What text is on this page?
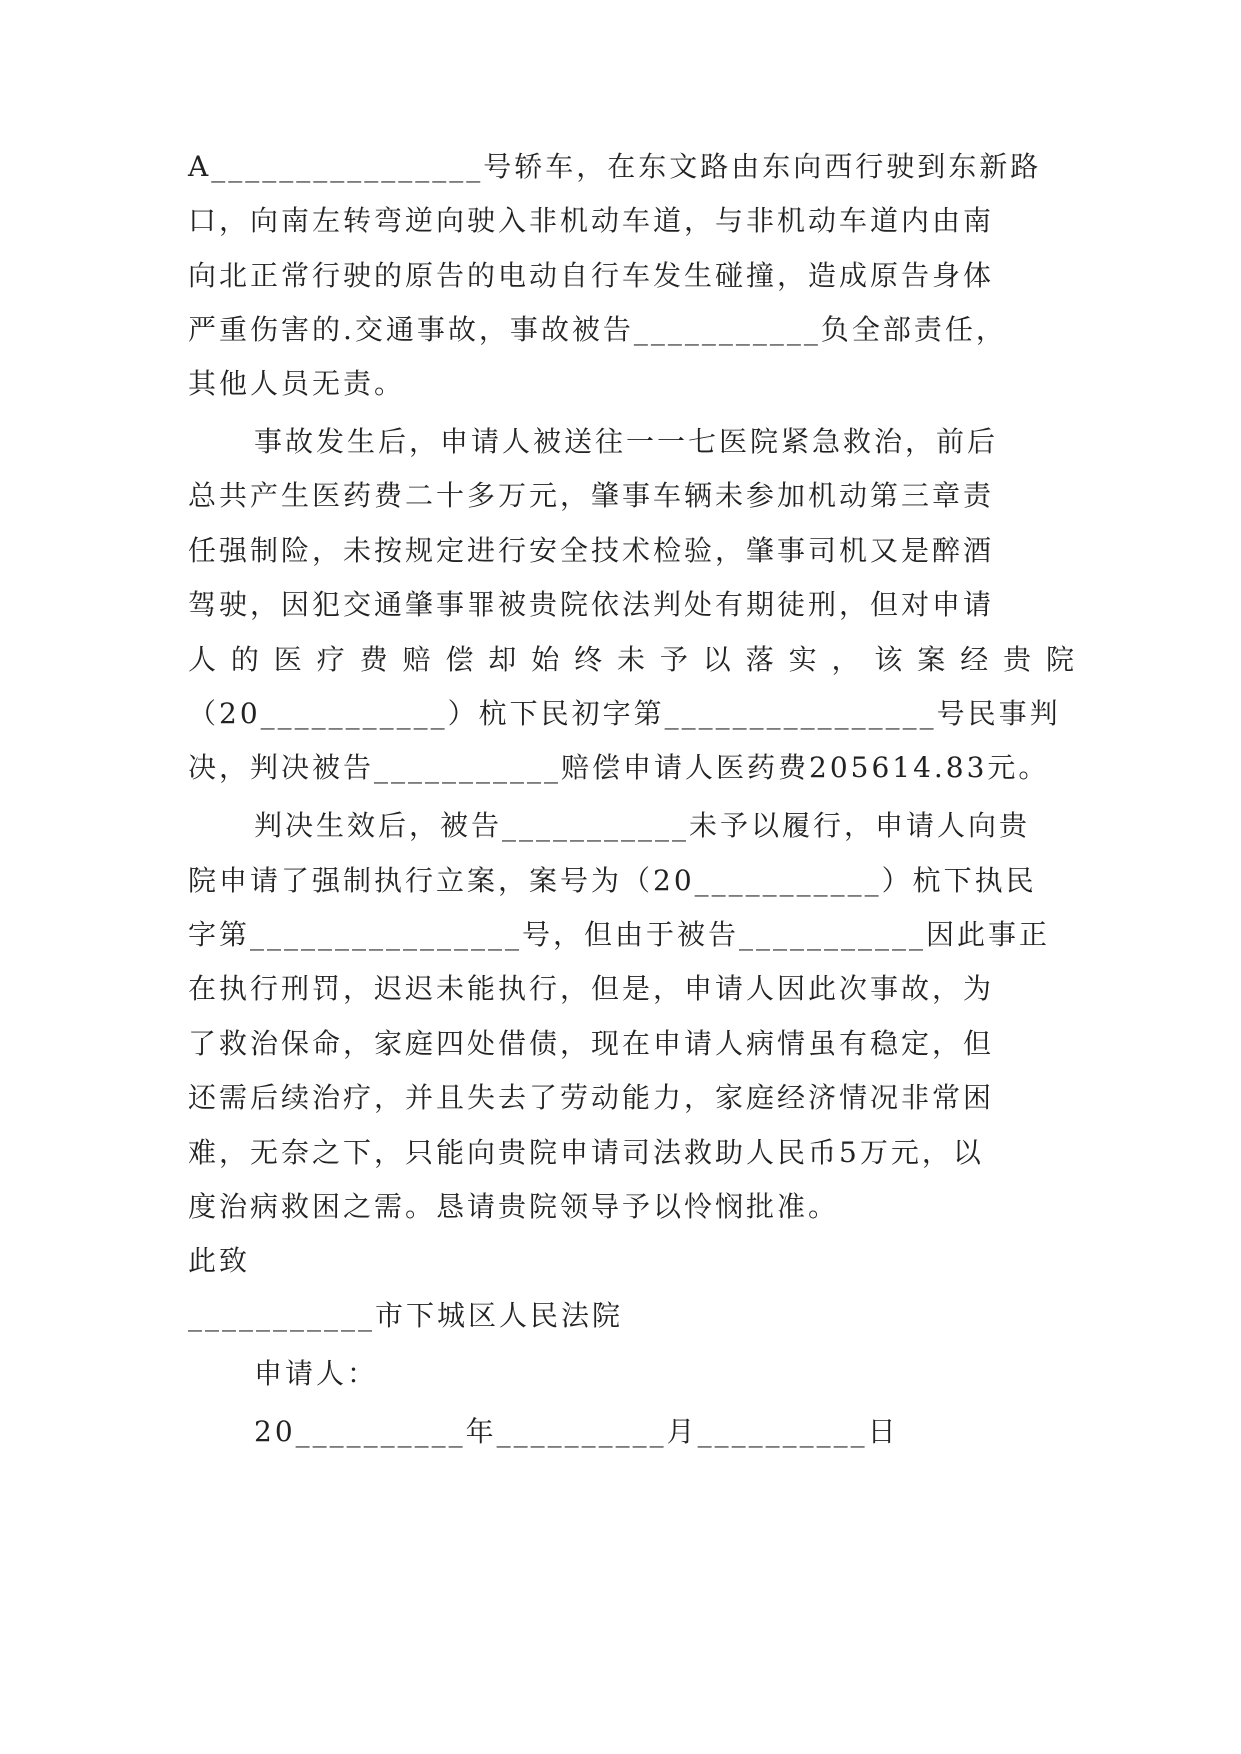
A________________号轿车，在东文路由东向西行驶到东新路
口，向南左转弯逆向驶入非机动车道，与非机动车道内由南
向北正常行驶的原告的电动自行车发生碰撞，造成原告身体
严重伤害的.交通事故，事故被告___________负全部责任，
其他人员无责。
事故发生后，申请人被送往一一七医院紧急救治，前后
总共产生医药费二十多万元，肇事车辆未参加机动第三章责
任强制险，未按规定进行安全技术检验，肇事司机又是醉酒
驾驶，因犯交通肇事罪被贵院依法判处有期徒刑，但对申请
人 的 医 疗 费 赔 偿 却 始 终 未 予 以 落 实 ， 该 案 经 贵 院
（20___________）杭下民初字第________________号民事判
决，判决被告___________赔偿申请人医药费205614.83元。
判决生效后，被告___________未予以履行，申请人向贵
院申请了强制执行立案，案号为（20___________）杭下执民
字第________________号，但由于被告___________因此事正
在执行刑罚，迟迟未能执行，但是，申请人因此次事故，为
了救治保命，家庭四处借债，现在申请人病情虽有稳定，但
还需后续治疗，并且失去了劳动能力，家庭经济情况非常困
难，无奈之下，只能向贵院申请司法救助人民币5万元，以
度治病救困之需。恳请贵院领导予以怜悯批准。
此致
___________市下城区人民法院
申请人：
20__________年__________月__________日
